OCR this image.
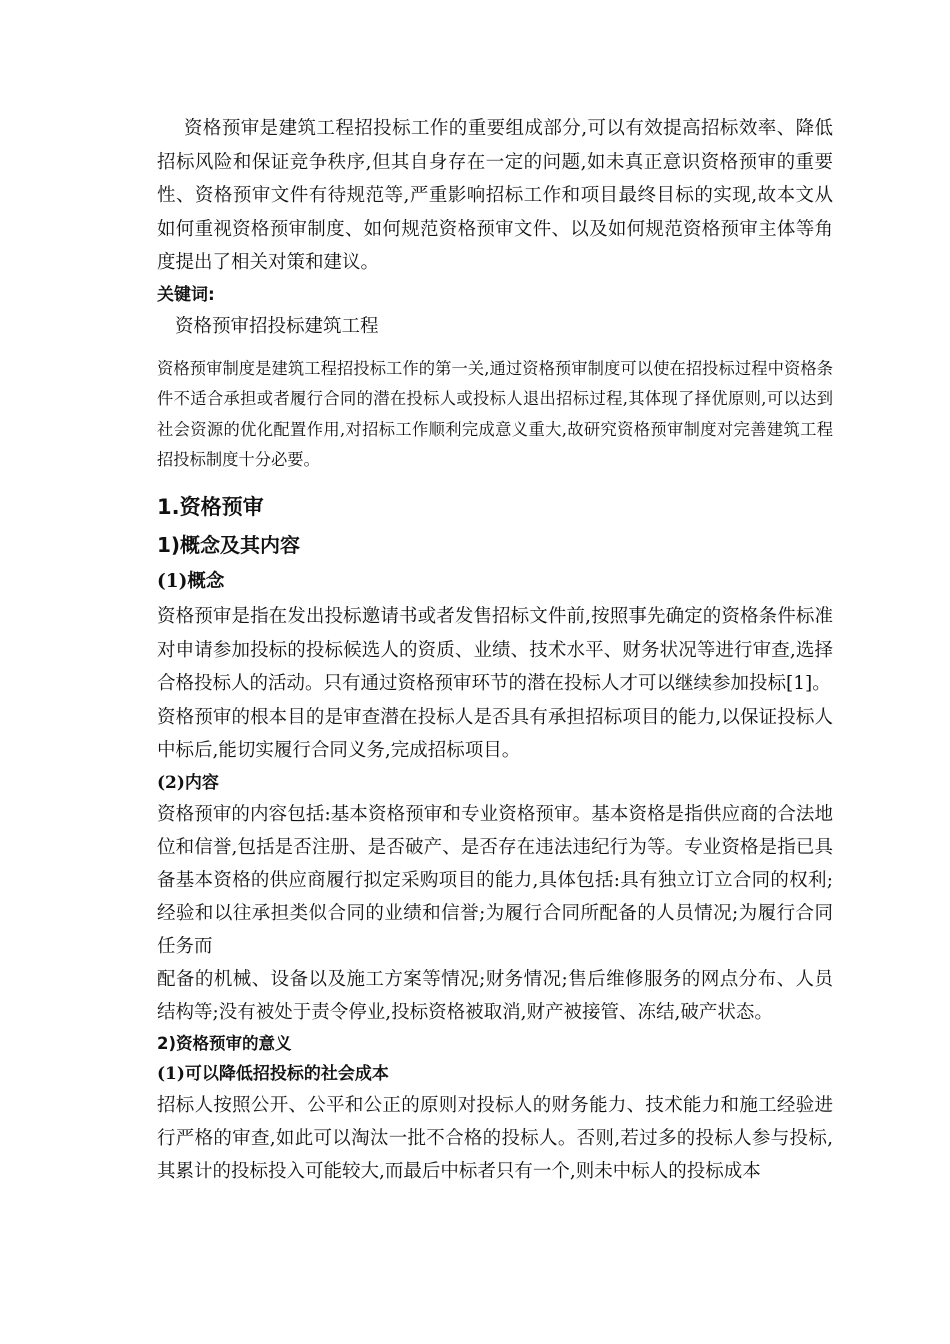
资格预审是建筑工程招投标工作的重要组成部分,可以有效提高招标效率、降低招标风险和保证竞争秩序,但其自身存在一定的问题,如未真正意识资格预审的重要性、资格预审文件有待规范等,严重影响招标工作和项目最终目标的实现,故本文从如何重视资格预审制度、如何规范资格预审文件、以及如何规范资格预审主体等角度提出了相关对策和建议。

关键词:

资格预审招投标建筑工程

资格预审制度是建筑工程招投标工作的第一关,通过资格预审制度可以使在招投标过程中资格条件不适合承担或者履行合同的潜在投标人或投标人退出招标过程,其体现了择优原则,可以达到社会资源的优化配置作用,对招标工作顺利完成意义重大,故研究资格预审制度对完善建筑工程招投标制度十分必要。

1.资格预审
1)概念及其内容
(1)概念

资格预审是指在发出投标邀请书或者发售招标文件前,按照事先确定的资格条件标准对申请参加投标的投标候选人的资质、业绩、技术水平、财务状况等进行审查,选择合格投标人的活动。只有通过资格预审环节的潜在投标人才可以继续参加投标[1]。

资格预审的根本目的是审查潜在投标人是否具有承担招标项目的能力,以保证投标人中标后,能切实履行合同义务,完成招标项目。

(2)内容

资格预审的内容包括:基本资格预审和专业资格预审。基本资格是指供应商的合法地位和信誉,包括是否注册、是否破产、是否存在违法违纪行为等。专业资格是指已具备基本资格的供应商履行拟定采购项目的能力,具体包括:具有独立订立合同的权利;经验和以往承担类似合同的业绩和信誉;为履行合同所配备的人员情况;为履行合同任务而

配备的机械、设备以及施工方案等情况;财务情况;售后维修服务的网点分布、人员结构等;没有被处于责令停业,投标资格被取消,财产被接管、冻结,破产状态。

2)资格预审的意义
(1)可以降低招投标的社会成本

招标人按照公开、公平和公正的原则对投标人的财务能力、技术能力和施工经验进行严格的审查,如此可以淘汰一批不合格的投标人。否则,若过多的投标人参与投标,其累计的投标投入可能较大,而最后中标者只有一个,则未中标人的投标成本
